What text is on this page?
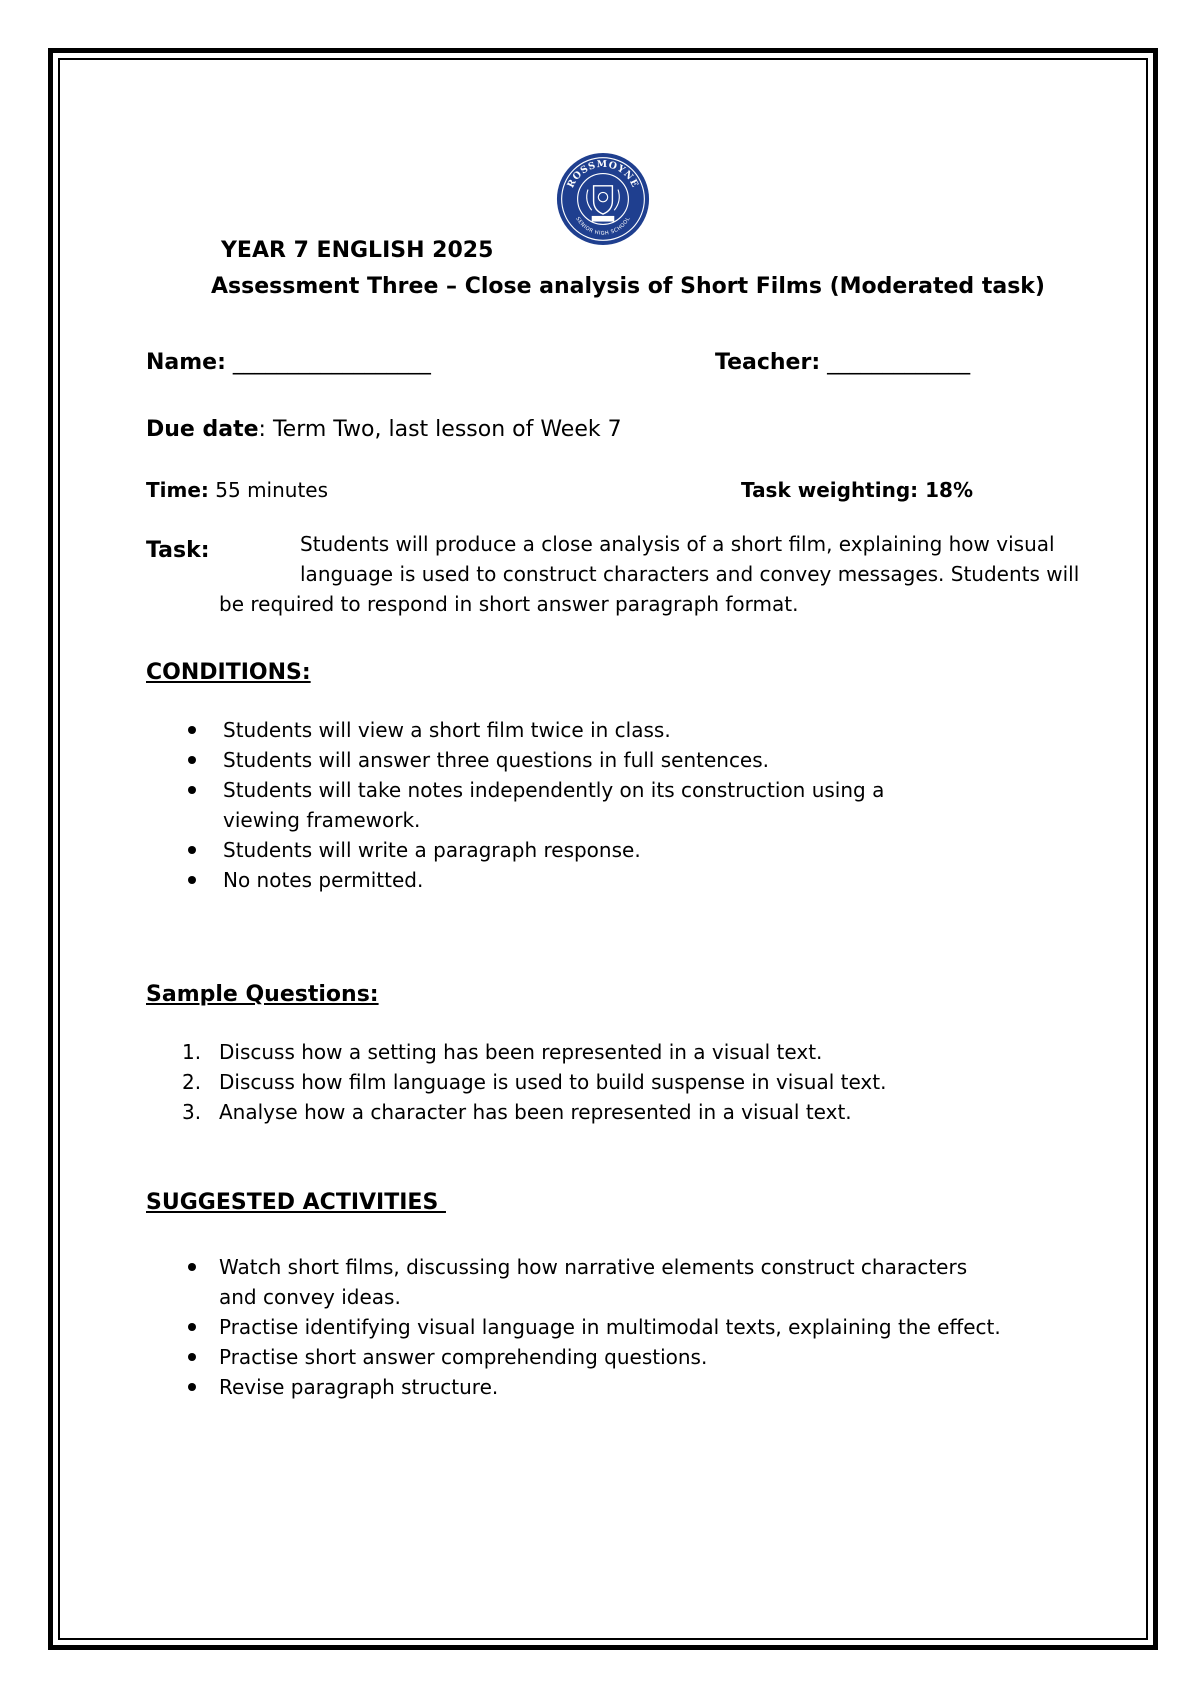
ROSSMOYNE
SENIOR HIGH SCHOOL
YEAR 7 ENGLISH 2025
Assessment Three – Close analysis of Short Films (Moderated task)
Name: __________________	Teacher: _____________
Due date: Term Two, last lesson of Week 7
Time: 55 minutes	Task weighting: 18%
Task:	Students will produce a close analysis of a short film, explaining how visual
language is used to construct characters and convey messages. Students will
be required to respond in short answer paragraph format.
CONDITIONS:
Students will view a short film twice in class.
Students will answer three questions in full sentences.
Students will take notes independently on its construction using a viewing framework.
Students will write a paragraph response.
No notes permitted.
Sample Questions:
1. Discuss how a setting has been represented in a visual text.
2. Discuss how film language is used to build suspense in visual text.
3. Analyse how a character has been represented in a visual text.
SUGGESTED ACTIVITIES
Watch short films, discussing how narrative elements construct characters and convey ideas.
Practise identifying visual language in multimodal texts, explaining the effect.
Practise short answer comprehending questions.
Revise paragraph structure.
